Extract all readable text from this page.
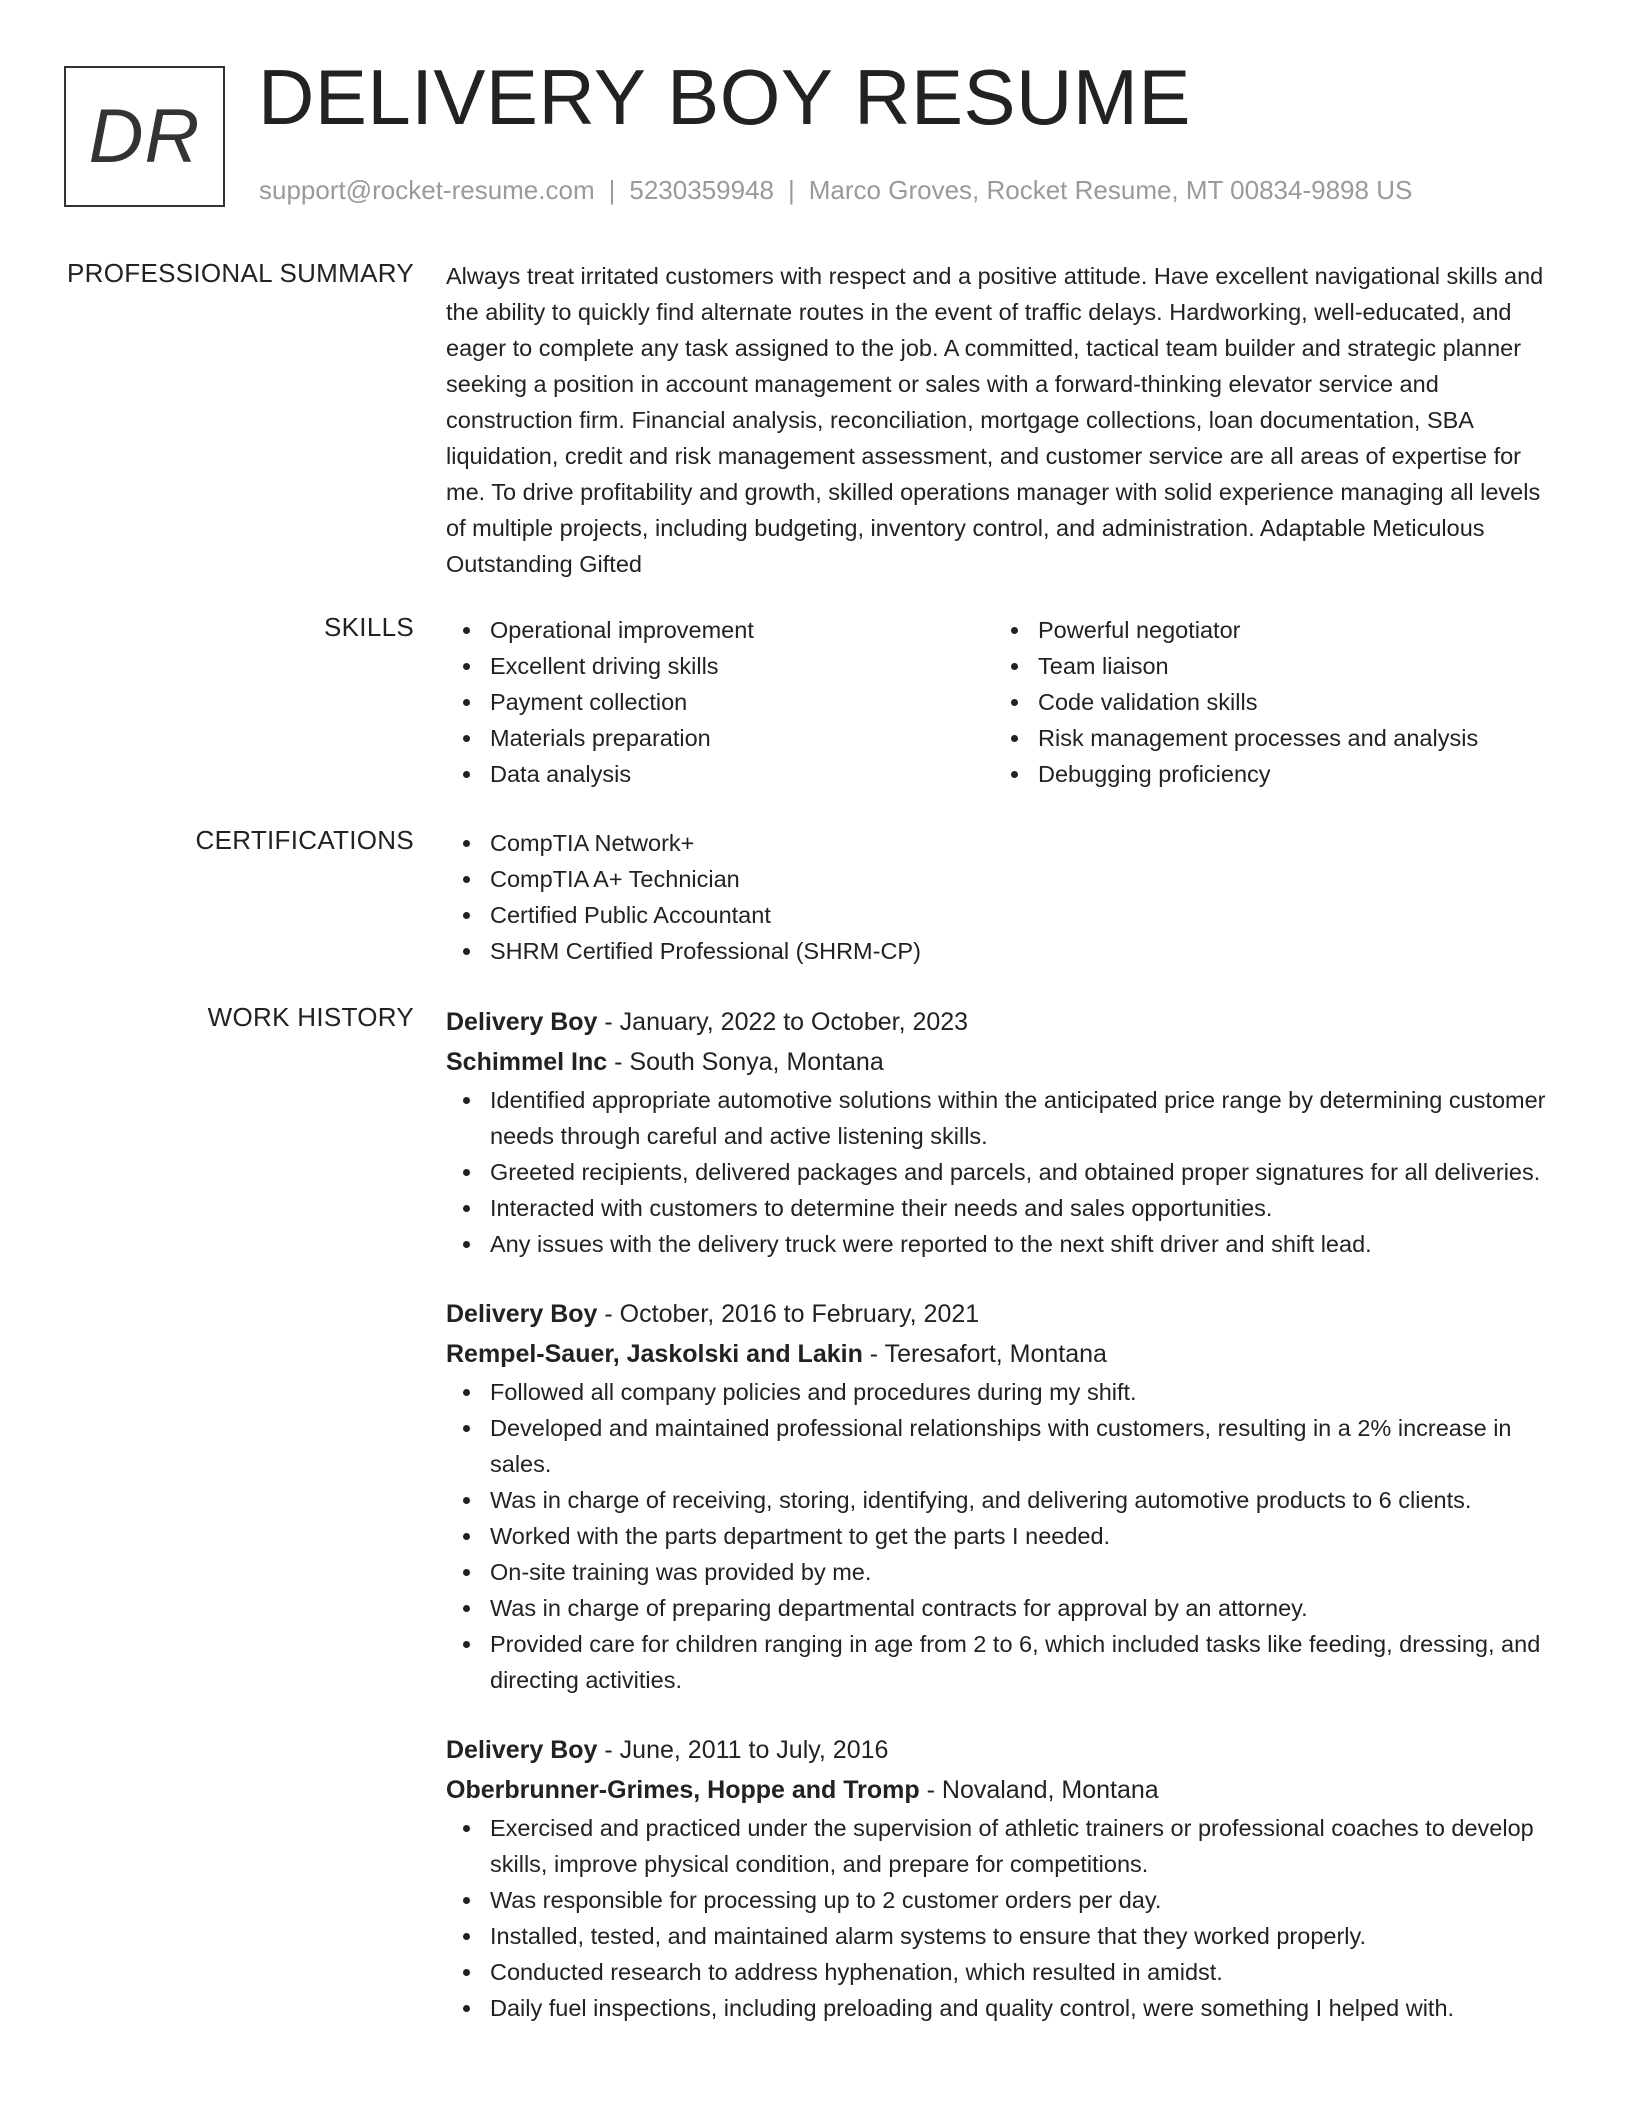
DR DELIVERY BOY RESUME
support@rocket-resume.com | 5230359948 | Marco Groves, Rocket Resume, MT 00834-9898 US
PROFESSIONAL SUMMARY Always treat irritated customers with respect and a positive attitude. Have excellent navigational skills and the ability to quickly find alternate routes in the event of traffic delays. Hardworking, well-educated, and eager to complete any task assigned to the job. A committed, tactical team builder and strategic planner seeking a position in account management or sales with a forward-thinking elevator service and construction firm. Financial analysis, reconciliation, mortgage collections, loan documentation, SBA liquidation, credit and risk management assessment, and customer service are all areas of expertise for me. To drive profitability and growth, skilled operations manager with solid experience managing all levels of multiple projects, including budgeting, inventory control, and administration. Adaptable Meticulous Outstanding Gifted

SKILLS	Operational improvement
Excellent driving skills
Payment collection
Materials preparation
Data analysis
Powerful negotiator
Team liaison
Code validation skills
Risk management processes and analysis
Debugging proficiency
CERTIFICATIONS	CompTIA Network+
CompTIA A+ Technician
Certified Public Accountant
SHRM Certified Professional (SHRM-CP)
WORK HISTORY Delivery Boy - January, 2022 to October, 2023
Schimmel Inc - South Sonya, Montana
Identified appropriate automotive solutions within the anticipated price range by determining customer needs through careful and active listening skills.
Greeted recipients, delivered packages and parcels, and obtained proper signatures for all deliveries.
Interacted with customers to determine their needs and sales opportunities.
Any issues with the delivery truck were reported to the next shift driver and shift lead.
Delivery Boy - October, 2016 to February, 2021
Rempel-Sauer, Jaskolski and Lakin - Teresafort, Montana
Followed all company policies and procedures during my shift.
Developed and maintained professional relationships with customers, resulting in a 2% increase in sales.
Was in charge of receiving, storing, identifying, and delivering automotive products to 6 clients.
Worked with the parts department to get the parts I needed.
On-site training was provided by me.
Was in charge of preparing departmental contracts for approval by an attorney.
Provided care for children ranging in age from 2 to 6, which included tasks like feeding, dressing, and directing activities.
Delivery Boy - June, 2011 to July, 2016
Oberbrunner-Grimes, Hoppe and Tromp - Novaland, Montana
Exercised and practiced under the supervision of athletic trainers or professional coaches to develop skills, improve physical condition, and prepare for competitions.
Was responsible for processing up to 2 customer orders per day.
Installed, tested, and maintained alarm systems to ensure that they worked properly.
Conducted research to address hyphenation, which resulted in amidst.
Daily fuel inspections, including preloading and quality control, were something I helped with.
